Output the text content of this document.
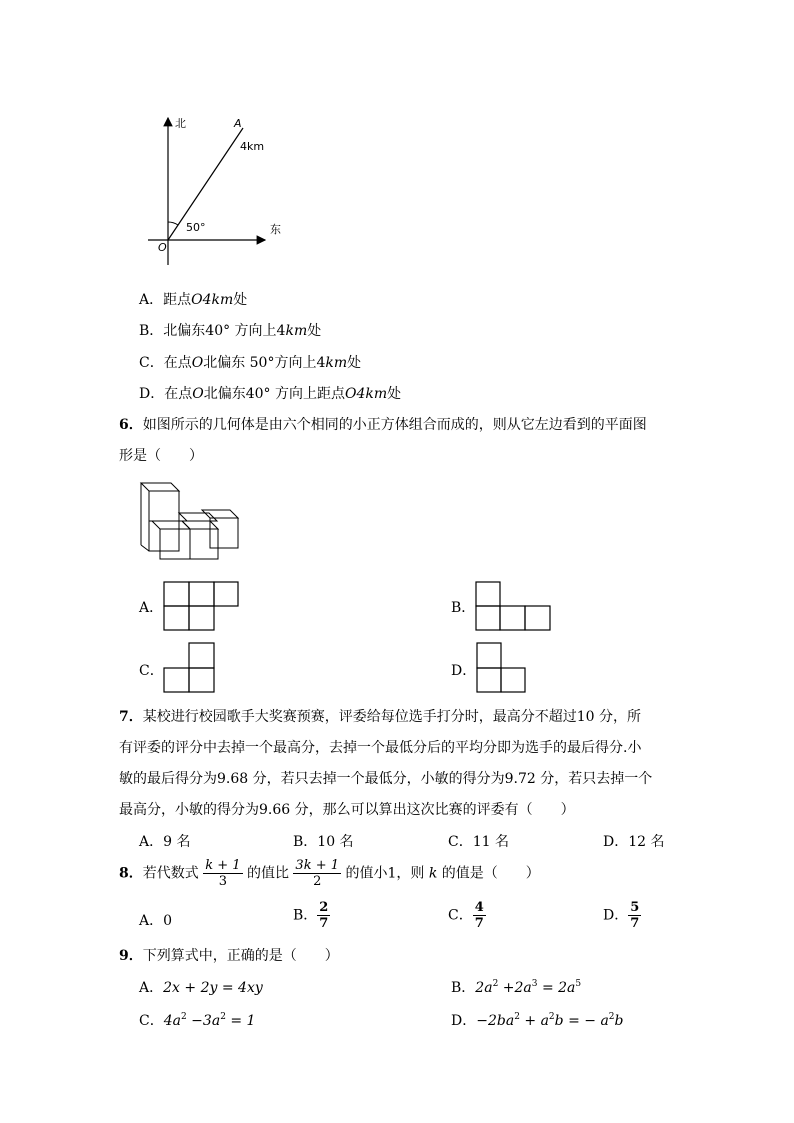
北
东
O
A
4km
50°
A．距点O4km处
B．北偏东40° 方向上4km处
C．在点O北偏东 50°方向上4km处
D．在点O北偏东40° 方向上距点O4km处
6．如图所示的几何体是由六个相同的小正方体组合而成的，则从它左边看到的平面图
形是（　　）
A．	B．
C．	D．
7．某校进行校园歌手大奖赛预赛，评委给每位选手打分时，最高分不超过10 分，所
有评委的评分中去掉一个最高分，去掉一个最低分后的平均分即为选手的最后得分.小
敏的最后得分为9.68 分，若只去掉一个最低分，小敏的得分为9.72 分，若只去掉一个
最高分，小敏的得分为9.66 分，那么可以算出这次比赛的评委有（　　）
A．9 名	B．10 名	C．11 名	D．12 名
8．若代数式 $\frac{k + 1}{3}$ 的值比 $\frac{3k + 1}{2}$ 的值小1，则 k 的值是（　　）
A．0	B． $\frac{2}{7}$	C． $\frac{4}{7}$	D． $\frac{5}{7}$
9．下列算式中，正确的是（　　）
A．2x + 2y = 4xy	B．$2a^2 +2a^3 = 2a^5$
C．$4a^2 -3a^2 = 1$	D．$-2ba^2 + a^2b$ = − $a^2b$
